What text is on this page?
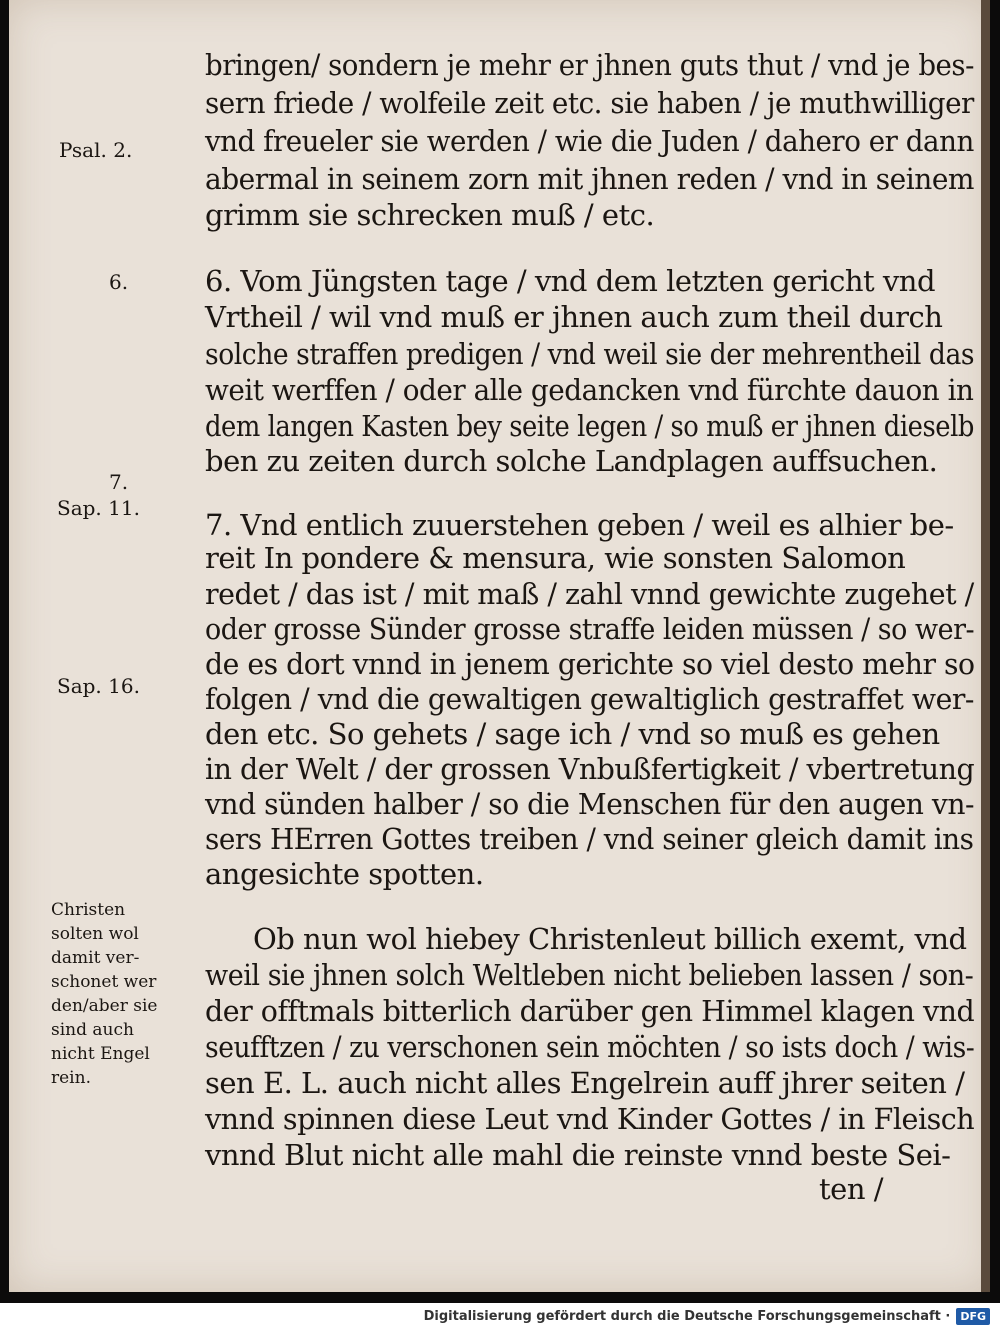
bringen/ sondern je mehr er jhnen guts thut / vnd je bes-
sern friede / wolfeile zeit etc. sie haben / je muthwilliger
vnd freueler sie werden / wie die Juden / dahero er dann
abermal in seinem zorn mit jhnen reden / vnd in seinem
grimm sie schrecken muß / etc.
6. Vom Jüngsten tage / vnd dem letzten gericht vnd
Vrtheil / wil vnd muß er jhnen auch zum theil durch
solche straffen predigen / vnd weil sie der mehrentheil das
weit werffen / oder alle gedancken vnd fürchte dauon in
dem langen Kasten bey seite legen / so muß er jhnen dieselb
ben zu zeiten durch solche Landplagen auffsuchen.
7. Vnd entlich zuuerstehen geben / weil es alhier be-
reit In pondere & mensura, wie sonsten Salomon
redet / das ist / mit maß / zahl vnnd gewichte zugehet /
oder grosse Sünder grosse straffe leiden müssen / so wer-
de es dort vnnd in jenem gerichte so viel desto mehr so
folgen / vnd die gewaltigen gewaltiglich gestraffet wer-
den etc. So gehets / sage ich / vnd so muß es gehen
in der Welt / der grossen Vnbußfertigkeit / vbertretung
vnd sünden halber / so die Menschen für den augen vn-
sers HErren Gottes treiben / vnd seiner gleich damit ins
angesichte spotten.
Ob nun wol hiebey Christenleut billich exemt, vnd
weil sie jhnen solch Weltleben nicht belieben lassen / son-
der offtmals bitterlich darüber gen Himmel klagen vnd
seufftzen / zu verschonen sein möchten / so ists doch / wis-
sen E. L. auch nicht alles Engelrein auff jhrer seiten /
vnnd spinnen diese Leut vnd Kinder Gottes / in Fleisch
vnnd Blut nicht alle mahl die reinste vnnd beste Sei-
ten /
Psal. 2.
6.
7.
Sap. 11.
Sap. 16.
Christen
solten wol
damit ver-
schonet wer
den/aber sie
sind auch
nicht Engel
rein.
Digitalisierung gefördert durch die Deutsche Forschungsgemeinschaft · DFG
